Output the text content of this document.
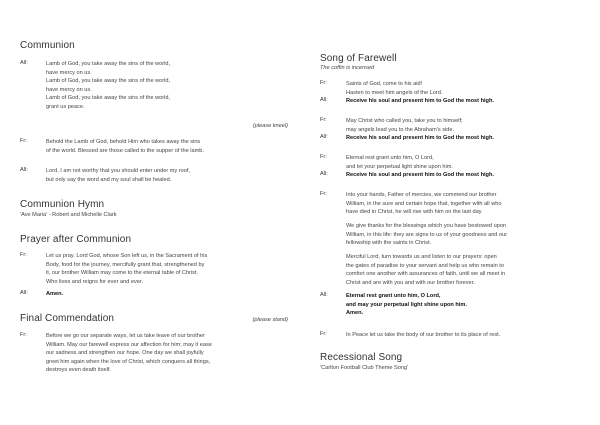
Communion
All:	Lamb of God, you take away the sins of the world,
have mercy on us.
Lamb of God, you take away the sins of the world,
have mercy on us.
Lamb of God, you take away the sins of the world,
grant us peace.
(please kneel)
Fr:	Behold the Lamb of God, behold Him who takes away the sins
of the world. Blessed are those called to the supper of the lamb.
All:	Lord, I am not worthy that you should enter under my roof,
but only say the word and my soul shall be healed.
Communion Hymn
'Ave Maria' - Robert and Michelle Clark
Prayer after Communion
Fr:	Let us pray. Lord God, whose Son left us, in the Sacrament of his
Body, food for the journey, mercifully grant that, strengthened by
it, our brother William may come to the eternal table of Christ.
Who lives and reigns for ever and ever.
All:	Amen.
Final Commendation	(please stand)
Fr:	Before we go our separate ways, let us take leave of our brother
William. May our farewell express our affection for him; may it ease
our sadness and strengthen our hope. One day we shall joyfully
greet him again when the love of Christ, which conquers all things,
destroys even death itself.
Song of Farewell
The coffin is incensed
Fr:	Saints of God, come to his aid!
Hasten to meet him angels of the Lord.
All:	Receive his soul and present him to God the most high.
Fr:	May Christ who called you, take you to himself;
may angels lead you to the Abraham's side.
All:	Receive his soul and present him to God the most high.
Fr:	Eternal rest grant unto him, O Lord,
and let your perpetual light shine upon him.
All:	Receive his soul and present him to God the most high.
Fr:	Into your hands, Father of mercies, we commend our brother
William, in the sure and certain hope that, together with all who
have died in Christ, he will rise with him on the last day
We give thanks for the blessings which you have bestowed upon
William, in this life: they are signs to us of your goodness and our
fellowship with the saints in Christ.
Merciful Lord, turn towards us and listen to our prayers: open
the gates of paradise to your servant and help us who remain to
comfort one another with assurances of faith, until we all meet in
Christ and are with you and with our brother forever.
All:	Eternal rest grant unto him, O Lord,
and may your perpetual light shine upon him.
Amen.
Fr:	In Peace let us take the body of our brother to its place of rest.
Recessional Song
'Carlton Football Club Theme Song'
